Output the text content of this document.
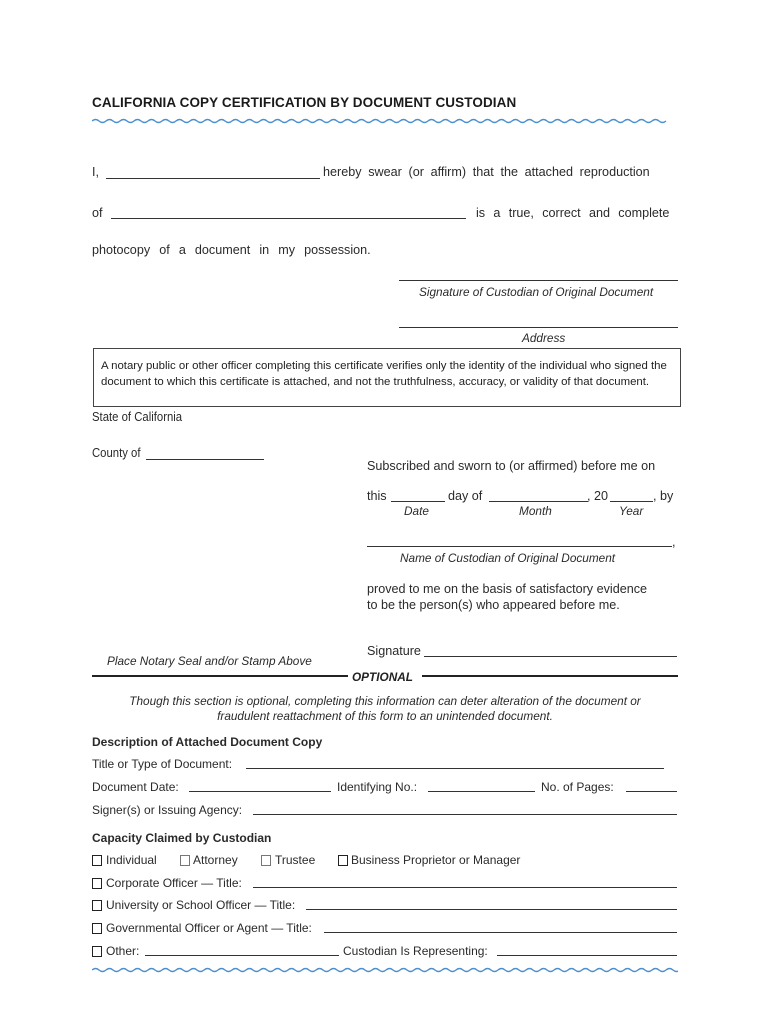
CALIFORNIA COPY CERTIFICATION BY DOCUMENT CUSTODIAN
I,	hereby swear (or affirm) that the attached reproduction
of	is a true, correct and complete
photocopy of a document in my possession.
Signature of Custodian of Original Document
Address
A notary public or other officer completing this certificate verifies only the identity of the individual who signed the document to which this certificate is attached, and not the truthfulness, accuracy, or validity of that document.
State of California
County of
Subscribed and sworn to (or affirmed) before me on
this	day of	, 20	, by
Date	Month	Year
,
Name of Custodian of Original Document
proved to me on the basis of satisfactory evidence
to be the person(s) who appeared before me.
Signature
Place Notary Seal and/or Stamp Above
OPTIONAL
Though this section is optional, completing this information can deter alteration of the document or
fraudulent reattachment of this form to an unintended document.
Description of Attached Document Copy
Title or Type of Document:
Document Date:	Identifying No.:	No. of Pages:
Signer(s) or Issuing Agency:
Capacity Claimed by Custodian
Individual	Attorney	Trustee	Business Proprietor or Manager
Corporate Officer — Title:
University or School Officer — Title:
Governmental Officer or Agent — Title:
Other:	Custodian Is Representing:
